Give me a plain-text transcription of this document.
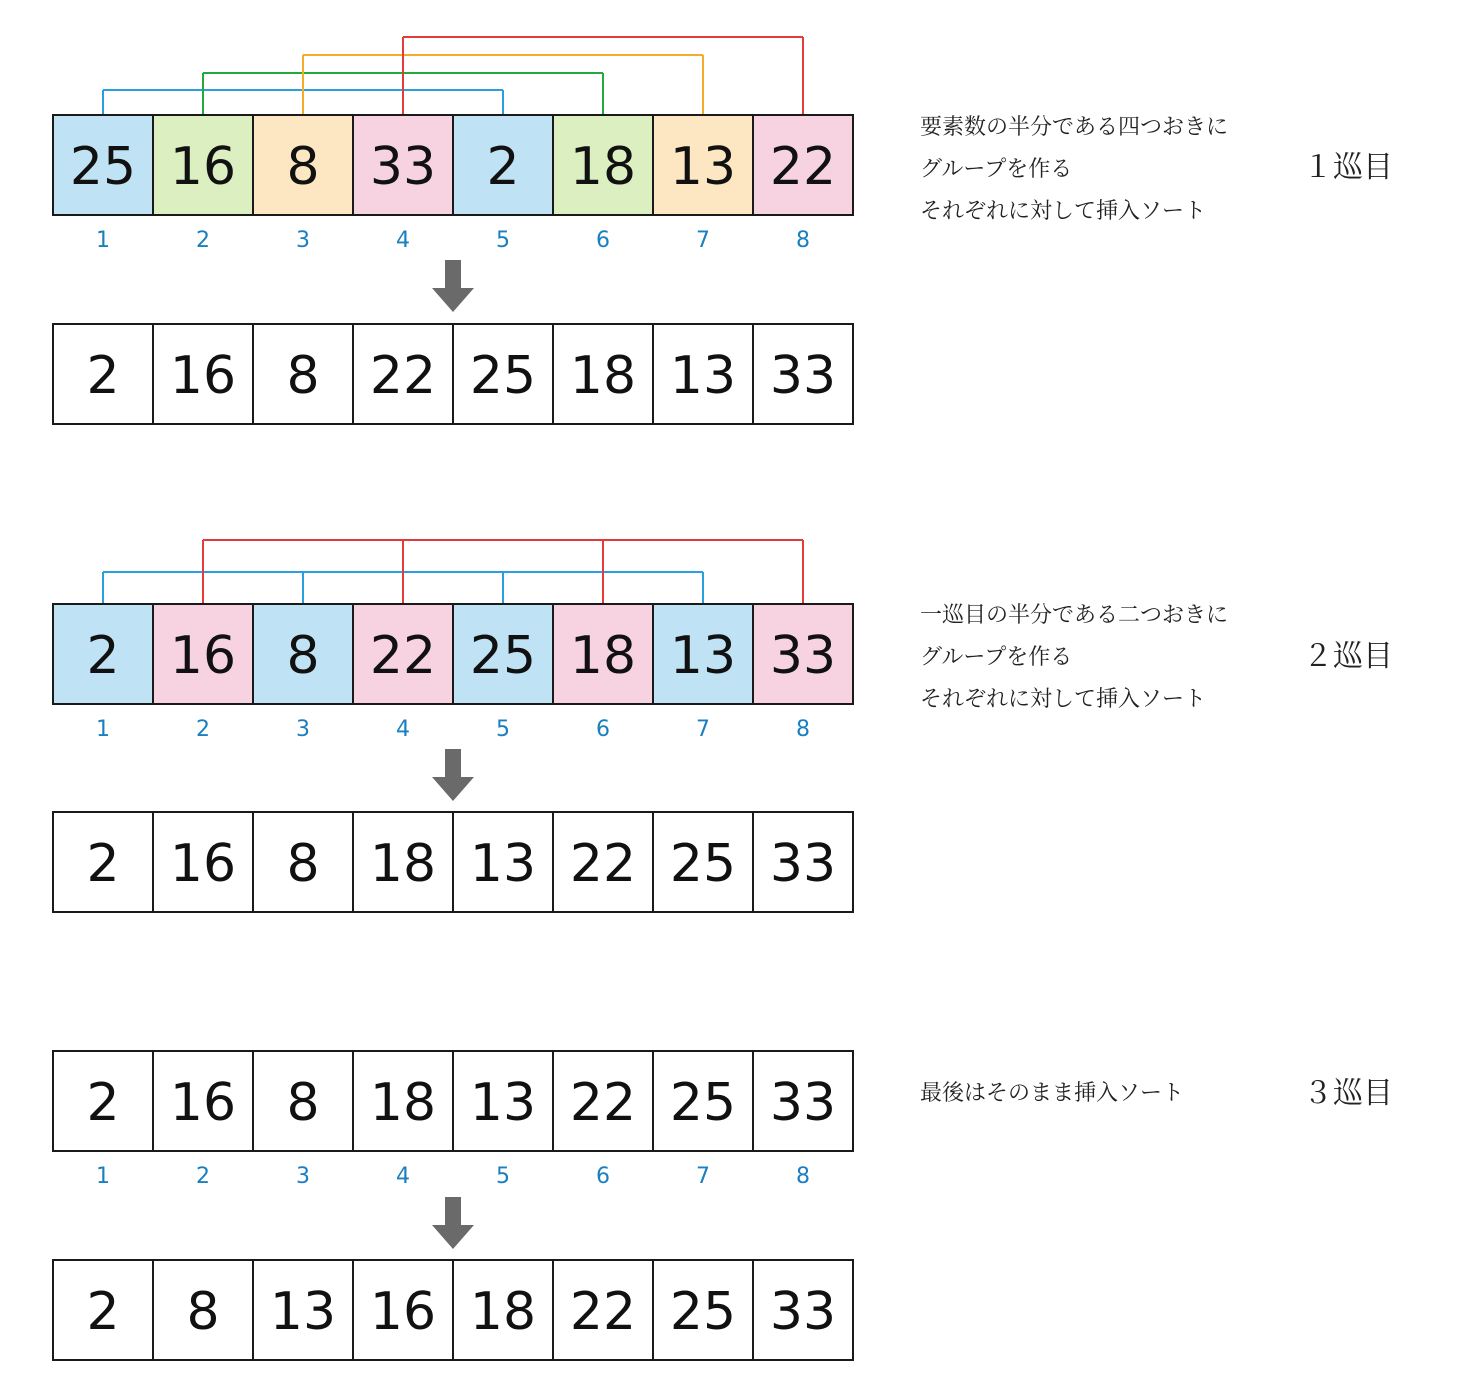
25 16 8 33 2 18 13 22
1	2	3	4	5	6	7	8
2 16 8 22 25 18 13 33
要素数の半分である四つおきに
グループを作る
それぞれに対して挿入ソート
１巡目
2 16 8 22 25 18 13 33
1	2	3	4	5	6	7	8
2 16 8 18 13 22 25 33
一巡目の半分である二つおきに
グループを作る
それぞれに対して挿入ソート
２巡目
2 16 8 18 13 22 25 33
1	2	3	4	5	6	7	8
2 8 13 16 18 22 25 33
最後はそのまま挿入ソート	３巡目
